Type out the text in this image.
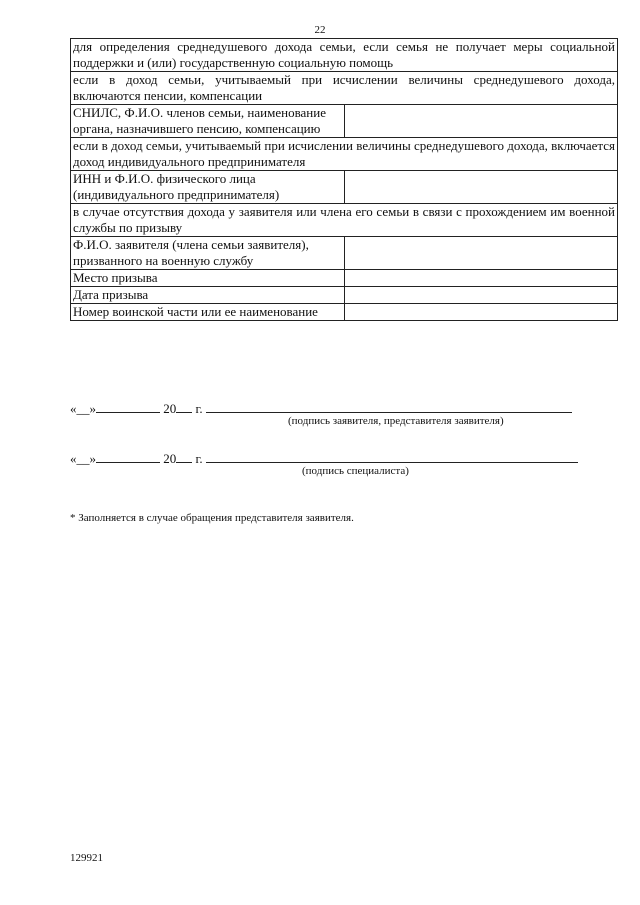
22
для определения среднедушевого дохода семьи, если семья не получает меры социальной поддержки и (или) государственную социальную помощь	
если в доход семьи, учитываемый при исчислении величины среднедушевого дохода, включаются пенсии, компенсации	
СНИЛС, Ф.И.О. членов семьи, наименование органа, назначившего пенсию, компенсацию	
если в доход семьи, учитываемый при исчислении величины среднедушевого дохода, включается доход индивидуального предпринимателя	
ИНН и Ф.И.О. физического лица (индивидуального предпринимателя)	
в случае отсутствия дохода у заявителя или члена его семьи в связи с прохождением им военной службы по призыву	
Ф.И.О. заявителя (члена семьи заявителя), призванного на военную службу	
Место призыва	
Дата призыва	
Номер воинской части или ее наименование	
«__»	20 г.
(подпись заявителя, представителя заявителя)
«__»	20 г.
(подпись специалиста)
* Заполняется в случае обращения представителя заявителя.
129921
